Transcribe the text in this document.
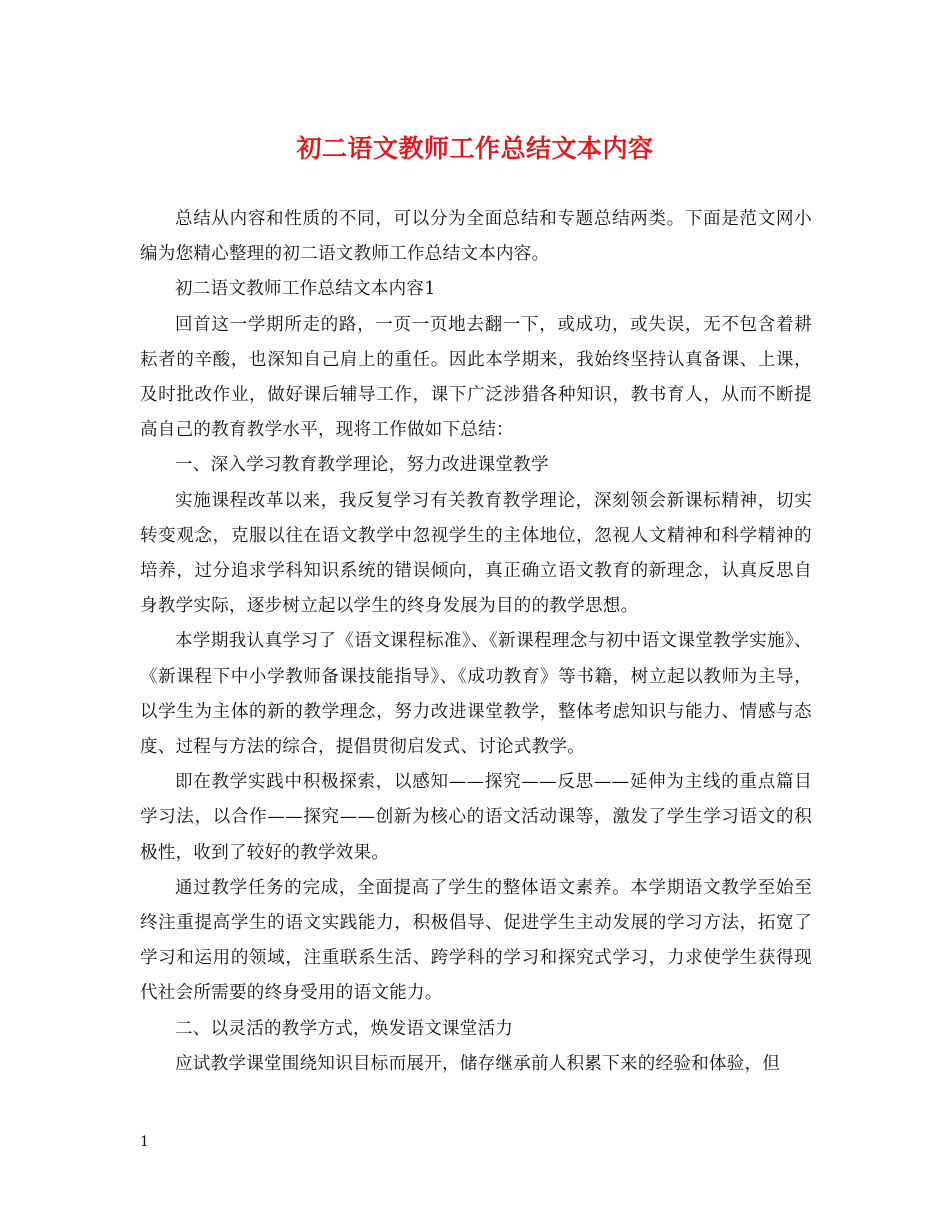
初二语文教师工作总结文本内容

总结从内容和性质的不同，可以分为全面总结和专题总结两类。下面是范文网小编为您精心整理的初二语文教师工作总结文本内容。

初二语文教师工作总结文本内容1

回首这一学期所走的路，一页一页地去翻一下，或成功，或失误，无不包含着耕耘者的辛酸，也深知自己肩上的重任。因此本学期来，我始终坚持认真备课、上课，及时批改作业，做好课后辅导工作，课下广泛涉猎各种知识，教书育人，从而不断提高自己的教育教学水平，现将工作做如下总结：

一、深入学习教育教学理论，努力改进课堂教学

实施课程改革以来，我反复学习有关教育教学理论，深刻领会新课标精神，切实转变观念，克服以往在语文教学中忽视学生的主体地位，忽视人文精神和科学精神的培养，过分追求学科知识系统的错误倾向，真正确立语文教育的新理念，认真反思自身教学实际，逐步树立起以学生的终身发展为目的的教学思想。

本学期我认真学习了《语文课程标准》、《新课程理念与初中语文课堂教学实施》、《新课程下中小学教师备课技能指导》、《成功教育》等书籍，树立起以教师为主导，以学生为主体的新的教学理念，努力改进课堂教学，整体考虑知识与能力、情感与态度、过程与方法的综合，提倡贯彻启发式、讨论式教学。

即在教学实践中积极探索，以感知——探究——反思——延伸为主线的重点篇目学习法，以合作——探究——创新为核心的语文活动课等，激发了学生学习语文的积极性，收到了较好的教学效果。

通过教学任务的完成，全面提高了学生的整体语文素养。本学期语文教学至始至终注重提高学生的语文实践能力，积极倡导、促进学生主动发展的学习方法，拓宽了学习和运用的领域，注重联系生活、跨学科的学习和探究式学习，力求使学生获得现代社会所需要的终身受用的语文能力。

二、以灵活的教学方式，焕发语文课堂活力

应试教学课堂围绕知识目标而展开，储存继承前人积累下来的经验和体验，但

1
